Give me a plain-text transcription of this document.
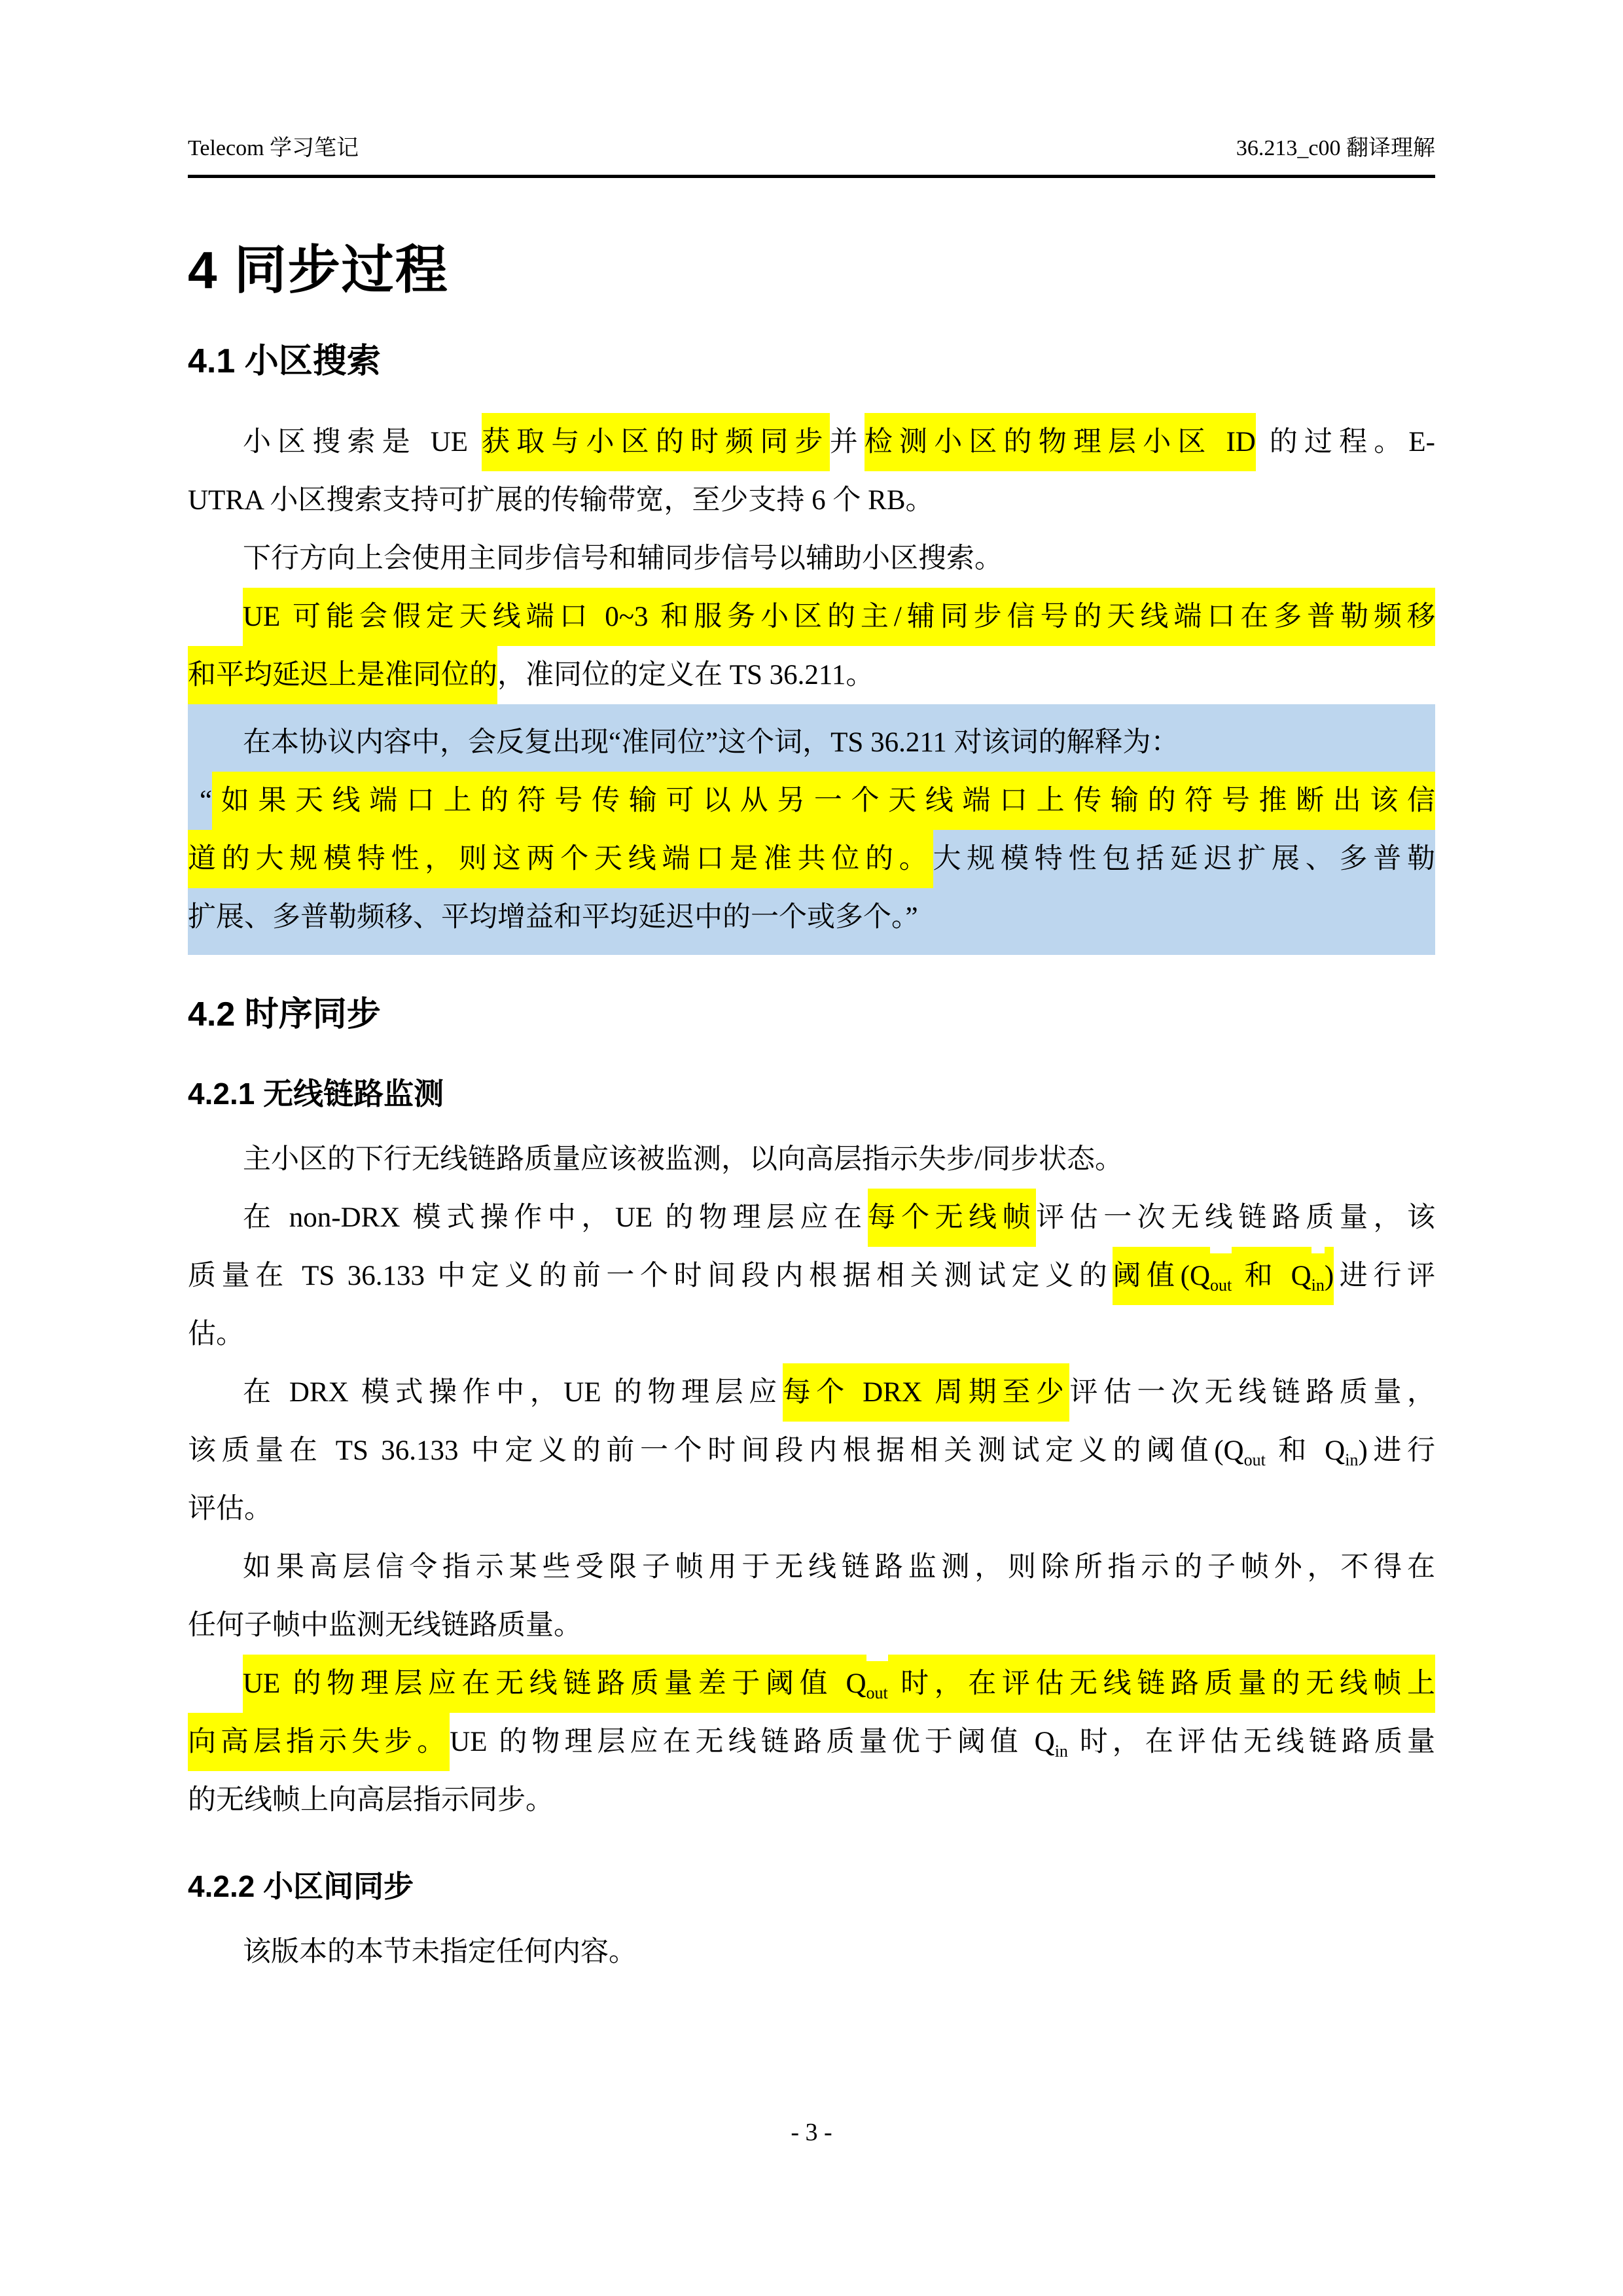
Telecom 学习笔记	36.213_c00 翻译理解
4 同步过程
4.1 小区搜索
小区搜索是 UE 获取与小区的时频同步并检测小区的物理层小区 ID 的过程。E-
UTRA 小区搜索支持可扩展的传输带宽，至少支持 6 个 RB。
下行方向上会使用主同步信号和辅同步信号以辅助小区搜索。
UE 可能会假定天线端口 0~3 和服务小区的主/辅同步信号的天线端口在多普勒频移
和平均延迟上是准同位的，准同位的定义在 TS 36.211。
在本协议内容中，会反复出现“准同位”这个词，TS 36.211 对该词的解释为：
“如果天线端口上的符号传输可以从另一个天线端口上传输的符号推断出该信
道的大规模特性，则这两个天线端口是准共位的。大规模特性包括延迟扩展、多普勒
扩展、多普勒频移、平均增益和平均延迟中的一个或多个。”
4.2 时序同步
4.2.1 无线链路监测
主小区的下行无线链路质量应该被监测，以向高层指示失步/同步状态。
在 non-DRX 模式操作中，UE 的物理层应在每个无线帧评估一次无线链路质量，该
质量在 TS 36.133 中定义的前一个时间段内根据相关测试定义的阈值($Q_{out}$ 和 $Q_{in}$)进行评
估。
在 DRX 模式操作中，UE 的物理层应每个 DRX 周期至少评估一次无线链路质量，
该质量在 TS 36.133 中定义的前一个时间段内根据相关测试定义的阈值($Q_{out}$ 和 $Q_{in}$)进行
评估。
如果高层信令指示某些受限子帧用于无线链路监测，则除所指示的子帧外，不得在
任何子帧中监测无线链路质量。
UE 的物理层应在无线链路质量差于阈值 $Q_{out}$ 时，在评估无线链路质量的无线帧上
向高层指示失步。UE 的物理层应在无线链路质量优于阈值 $Q_{in}$ 时，在评估无线链路质量
的无线帧上向高层指示同步。
4.2.2 小区间同步
该版本的本节未指定任何内容。
- 3 -
